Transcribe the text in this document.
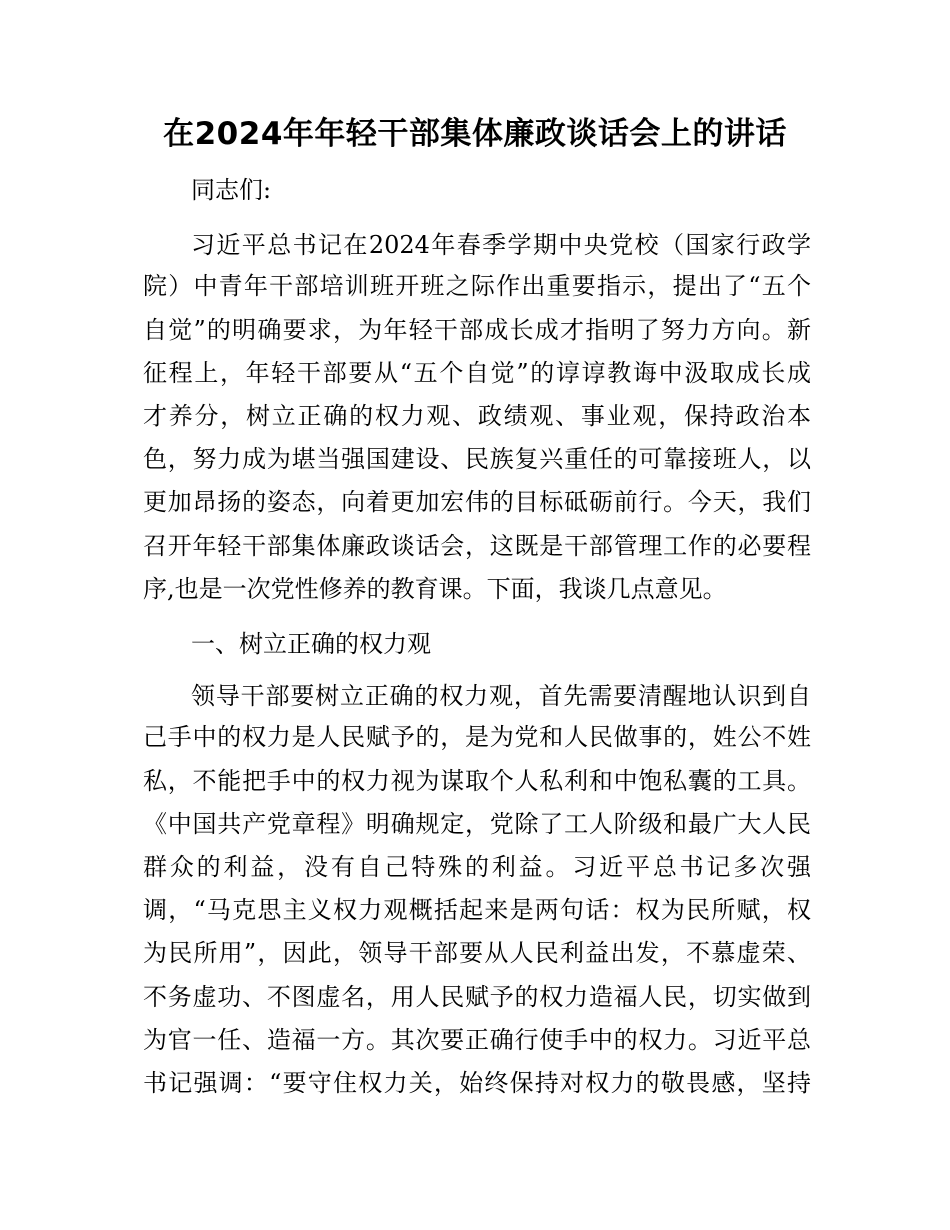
在2024年年轻干部集体廉政谈话会上的讲话
同志们:
习近平总书记在2024年春季学期中央党校（国家行政学
院）中青年干部培训班开班之际作出重要指示，提出了“五个
自觉”的明确要求，为年轻干部成长成才指明了努力方向。新
征程上，年轻干部要从“五个自觉”的谆谆教诲中汲取成长成
才养分，树立正确的权力观、政绩观、事业观，保持政治本
色，努力成为堪当强国建设、民族复兴重任的可靠接班人，以
更加昂扬的姿态，向着更加宏伟的目标砥砺前行。今天，我们
召开年轻干部集体廉政谈话会，这既是干部管理工作的必要程
序,也是一次党性修养的教育课。下面，我谈几点意见。
一、树立正确的权力观
领导干部要树立正确的权力观，首先需要清醒地认识到自
己手中的权力是人民赋予的，是为党和人民做事的，姓公不姓
私，不能把手中的权力视为谋取个人私利和中饱私囊的工具。
《中国共产党章程》明确规定，党除了工人阶级和最广大人民
群众的利益，没有自己特殊的利益。习近平总书记多次强
调，“马克思主义权力观概括起来是两句话：权为民所赋，权
为民所用”，因此，领导干部要从人民利益出发，不慕虚荣、
不务虚功、不图虚名，用人民赋予的权力造福人民，切实做到
为官一任、造福一方。其次要正确行使手中的权力。习近平总
书记强调：“要守住权力关，始终保持对权力的敬畏感，坚持
